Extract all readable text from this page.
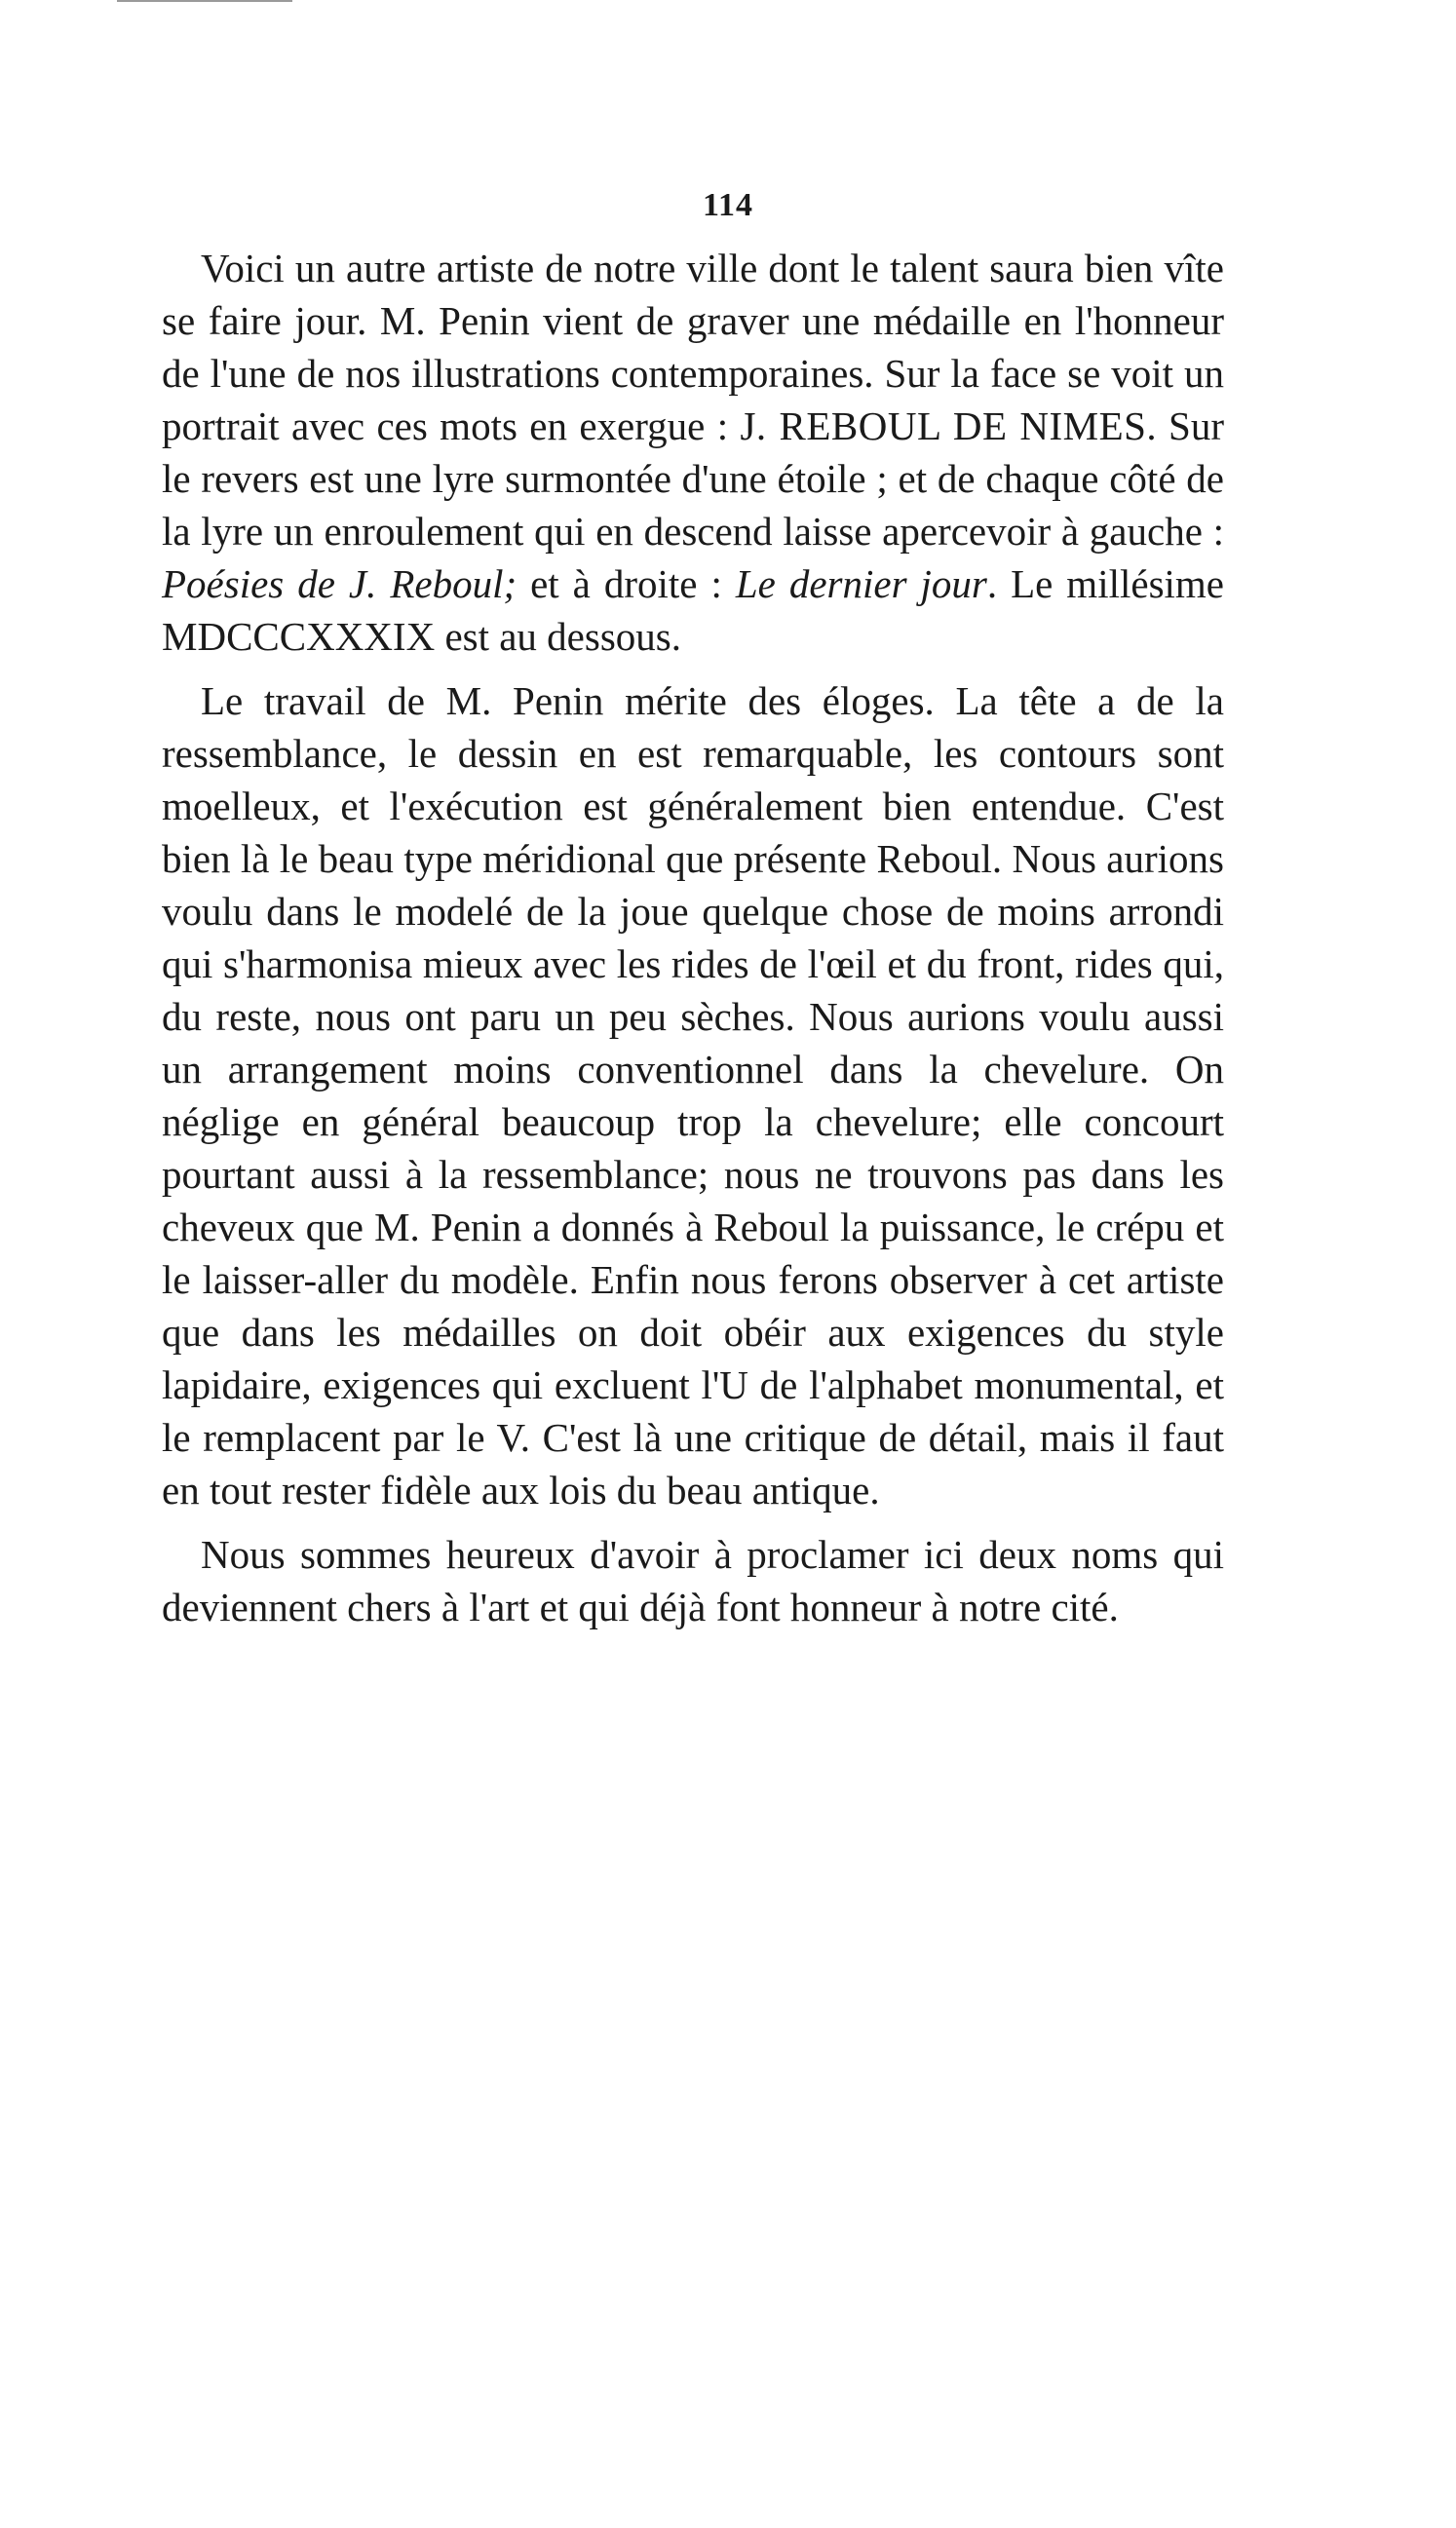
114

Voici un autre artiste de notre ville dont le talent saura bien vîte se faire jour. M. Penin vient de graver une médaille en l'honneur de l'une de nos illustrations contemporaines. Sur la face se voit un portrait avec ces mots en exergue : J. REBOUL DE NIMES. Sur le revers est une lyre surmontée d'une étoile ; et de chaque côté de la lyre un enroulement qui en descend laisse apercevoir à gauche : Poésies de J. Reboul; et à droite : Le dernier jour. Le millésime MDCCCXXXIX est au dessous.

Le travail de M. Penin mérite des éloges. La tête a de la ressemblance, le dessin en est remarquable, les contours sont moelleux, et l'exécution est généralement bien entendue. C'est bien là le beau type méridional que présente Reboul. Nous aurions voulu dans le modelé de la joue quelque chose de moins arrondi qui s'harmonisa mieux avec les rides de l'œil et du front, rides qui, du reste, nous ont paru un peu sèches. Nous aurions voulu aussi un arrangement moins conventionnel dans la chevelure. On néglige en général beaucoup trop la chevelure; elle concourt pourtant aussi à la ressemblance; nous ne trouvons pas dans les cheveux que M. Penin a donnés à Reboul la puissance, le crépu et le laisser-aller du modèle. Enfin nous ferons observer à cet artiste que dans les médailles on doit obéir aux exigences du style lapidaire, exigences qui excluent l'U de l'alphabet monumental, et le remplacent par le V. C'est là une critique de détail, mais il faut en tout rester fidèle aux lois du beau antique.

Nous sommes heureux d'avoir à proclamer ici deux noms qui deviennent chers à l'art et qui déjà font honneur à notre cité.
